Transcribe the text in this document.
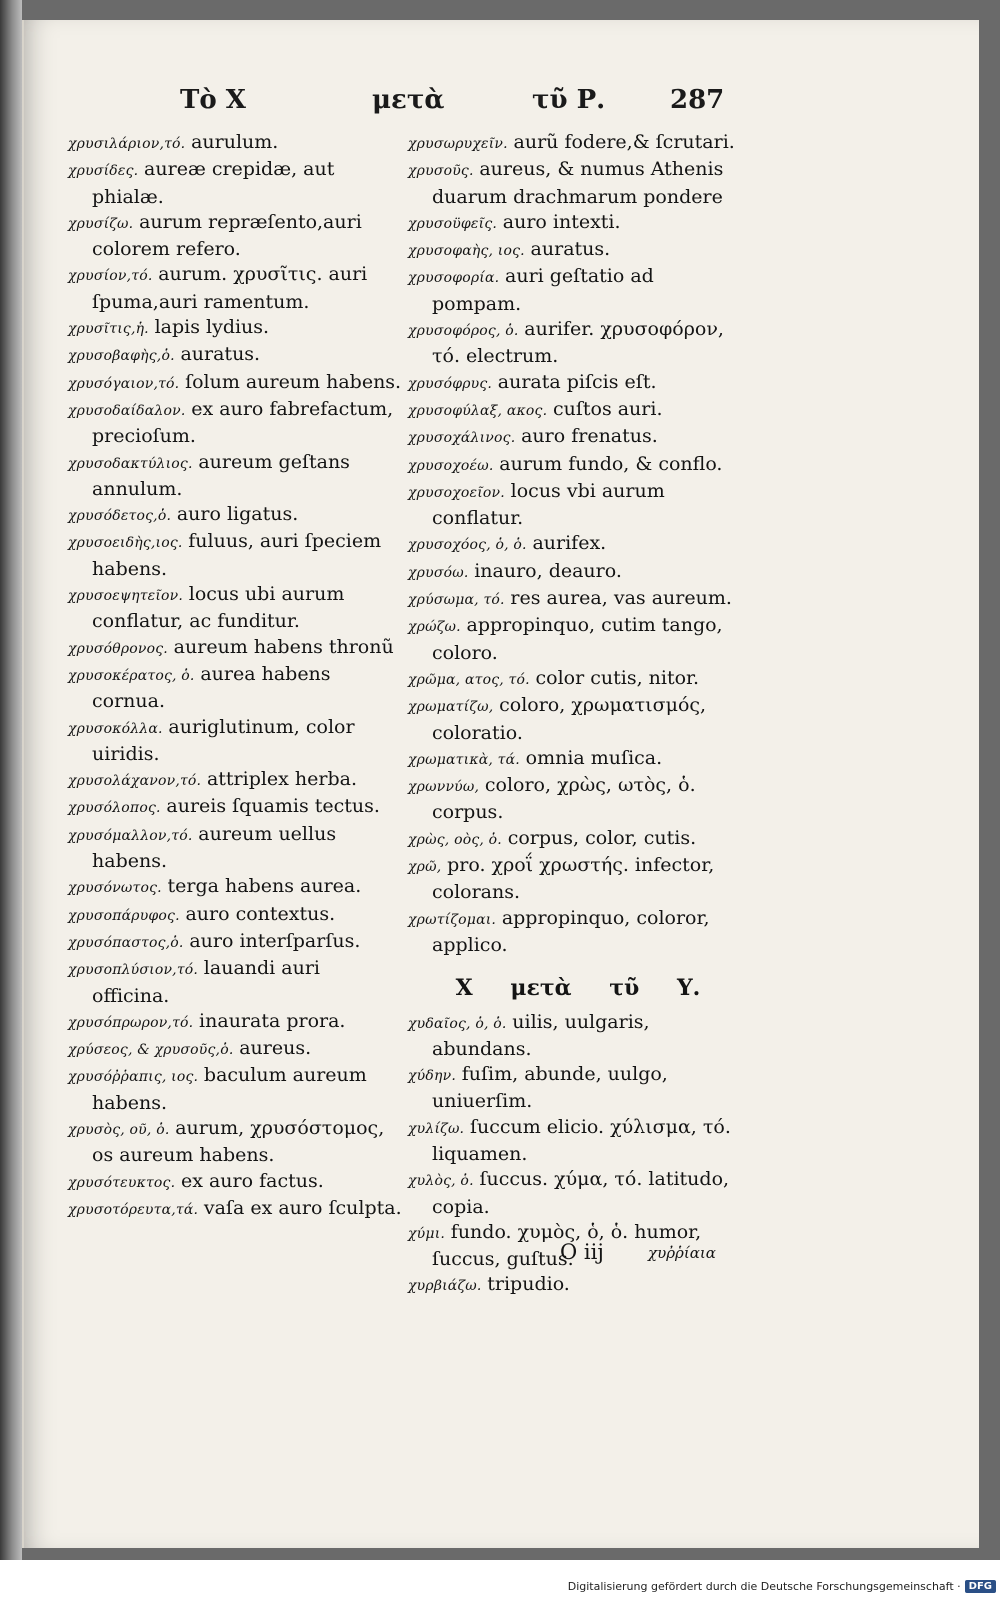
Τὸ Χ	μετὰ	τῦ Ρ. 287

χρυσιλάριον,τό. aurulum.

χρυσίδες. aureæ crepidæ, aut phialæ.

χρυσίζω. aurum repræſento,auri colorem refero.

χρυσίον,τό. aurum. χρυσῖτις. auri ſpuma,auri ramentum.

χρυσῖτις,ἡ. lapis lydius.

χρυσοβαφὴς,ὁ. auratus.

χρυσόγαιον,τό. ſolum aureum habens.

χρυσοδαίδαλον. ex auro fabrefactum, precioſum.

χρυσοδακτύλιος. aureum geſtans annulum.

χρυσόδετος,ὁ. auro ligatus.

χρυσοειδὴς,ιος. fuluus, auri ſpeciem habens.

χρυσοεψητεῖον. locus ubi aurum conflatur, ac funditur.

χρυσόθρονος. aureum habens thronũ

χρυσοκέρατος, ὁ. aurea habens cornua.

χρυσοκόλλα. auriglutinum, color uiridis.

χρυσολάχανον,τό. attriplex herba.

χρυσόλοπος. aureis ſquamis tectus.

χρυσόμαλλον,τό. aureum uellus habens.

χρυσόνωτος. terga habens aurea.

χρυσοπάρυφος. auro contextus.

χρυσόπαστος,ὁ. auro interſparſus.

χρυσοπλύσιον,τό. lauandi auri officina.

χρυσόπρωρον,τό. inaurata prora.

χρύσεος, & χρυσοῦς,ὁ. aureus.

χρυσόῤῥαπις, ιος. baculum aureum habens.

χρυσὸς, οῦ, ὁ. aurum, χρυσόστομος, os aureum habens.

χρυσότευκτος. ex auro factus.

χρυσοτόρευτα,τά. vaſa ex auro ſculpta.

χρυσωρυχεῖν. aurũ fodere,& ſcrutari.

χρυσοῦς. aureus, & numus Athenis duarum drachmarum pondere

χρυσοϋφεῖς. auro intexti.

χρυσοφαὴς, ιος. auratus.

χρυσοφορία. auri geſtatio ad pompam.

χρυσοφόρος, ὁ. aurifer. χρυσοφόρον, τό. electrum.

χρυσόφρυς. aurata piſcis eſt.

χρυσοφύλαξ, ακος. cuſtos auri.

χρυσοχάλινος. auro frenatus.

χρυσοχοέω. aurum fundo, & conflo.

χρυσοχοεῖον. locus vbi aurum conflatur.

χρυσοχόος, ὁ, ὁ. aurifex.

χρυσόω. inauro, deauro.

χρύσωμα, τό. res aurea, vas aureum.

χρώζω. appropinquo, cutim tango, coloro.

χρῶμα, ατος, τό. color cutis, nitor.

χρωματίζω, coloro, χρωματισμός, coloratio.

χρωματικὰ, τά. omnia muſica.

χρωννύω, coloro, χρὼς, ωτὸς, ὁ. corpus.

χρὼς, οὸς, ὁ. corpus, color, cutis.

χρῶ, pro. χροΐ χρωστής. infector, colorans.

χρωτίζομαι. appropinquo, coloror, applico.

Χ μετὰ τῦ Υ.

χυδαῖος, ὁ, ὁ. uilis, uulgaris, abundans.

χύδην. fuſim, abunde, uulgo, uniuerſim.

χυλίζω. ſuccum elicio. χύλισμα, τό. liquamen.

χυλὸς, ὁ. ſuccus. χύμα, τό. latitudo, copia.

χύμι. fundo. χυμὸς, ὁ, ὁ. humor, ſuccus, guſtus.

χυρβιάζω. tripudio.

O iij	χυῤῥίαια
Digitalisierung gefördert durch die Deutsche Forschungsgemeinschaft · DFG
